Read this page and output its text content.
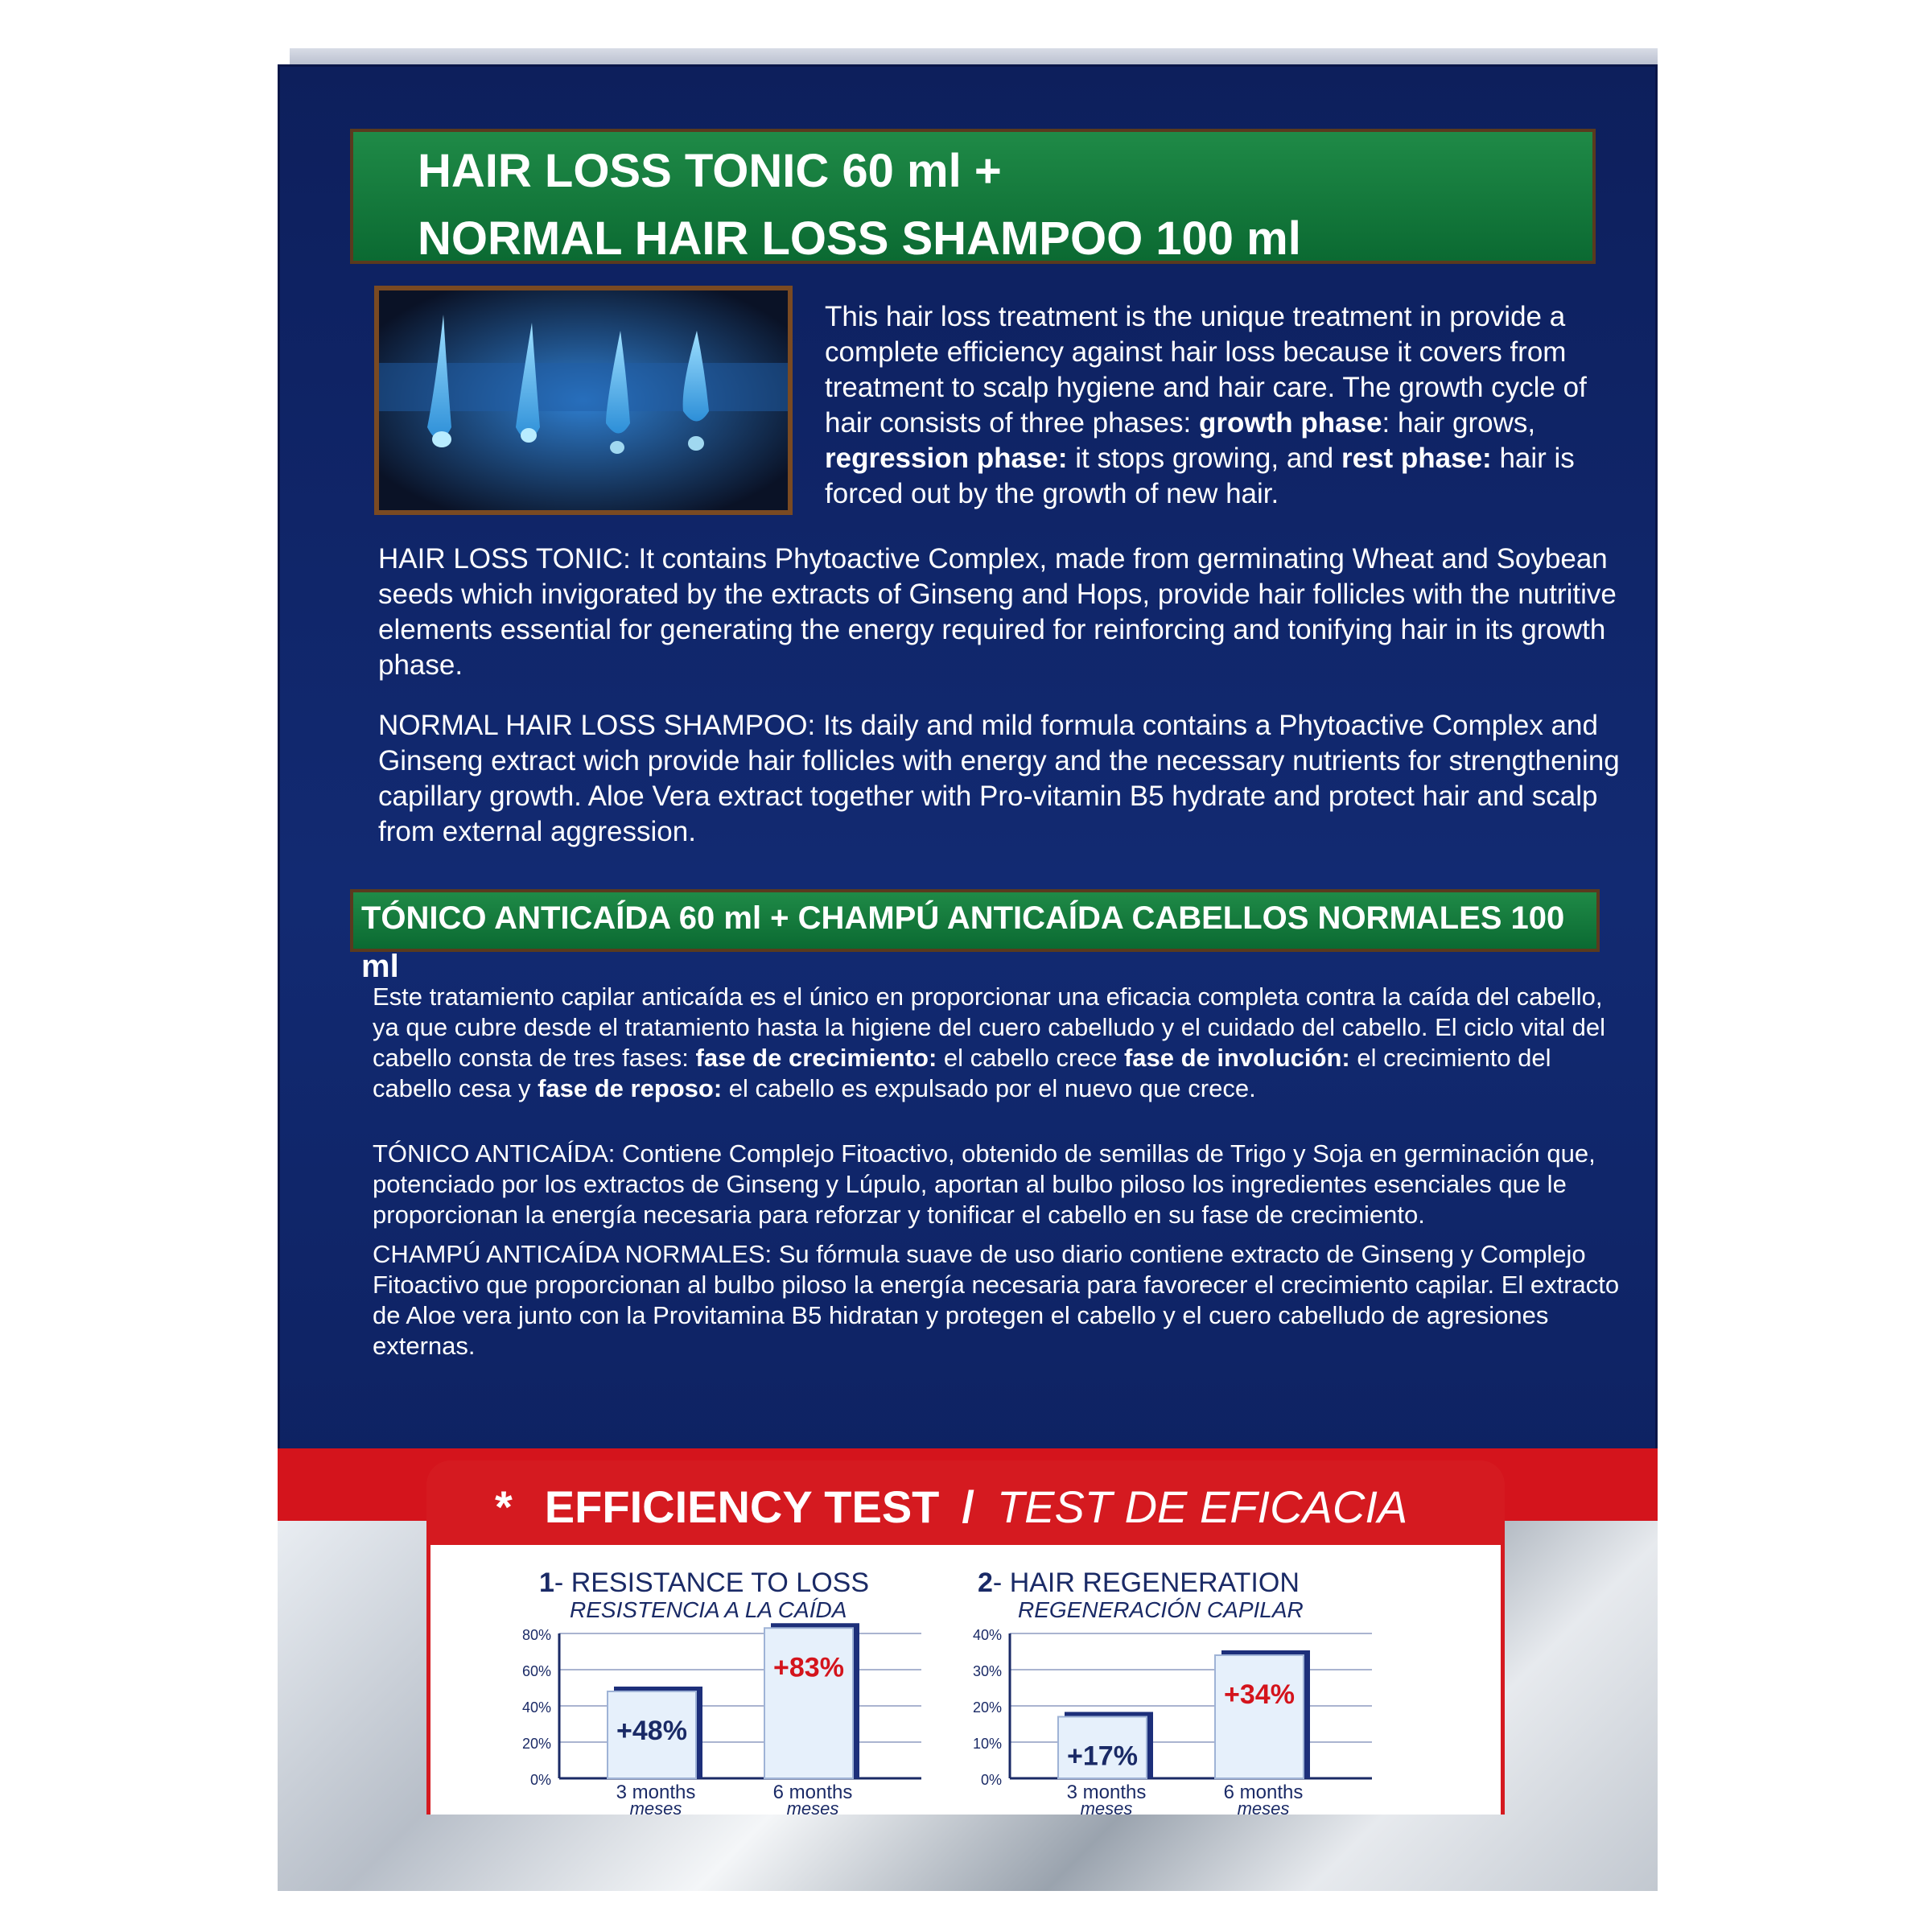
HAIR LOSS TONIC 60 ml +
NORMAL HAIR LOSS SHAMPOO 100 ml
This hair loss treatment is the unique treatment in provide a complete efficiency against hair loss because it covers from treatment to scalp hygiene and hair care. The growth cycle of hair consists of three phases: growth phase: hair grows, regression phase: it stops growing, and rest phase: hair is forced out by the growth of new hair.
HAIR LOSS TONIC: It contains Phytoactive Complex, made from germinating Wheat and Soybean seeds which invigorated by the extracts of Ginseng and Hops, provide hair follicles with the nutritive elements essential for generating the energy required for reinforcing and tonifying hair in its growth phase.
NORMAL HAIR LOSS SHAMPOO: Its daily and mild formula contains a Phytoactive Complex and Ginseng extract wich provide hair follicles with energy and the necessary nutrients for strengthening capillary growth. Aloe Vera extract together with Pro-vitamin B5 hydrate and protect hair and scalp from external aggression.
TÓNICO ANTICAÍDA 60 ml + CHAMPÚ ANTICAÍDA CABELLOS NORMALES 100 ml
Este tratamiento capilar anticaída es el único en proporcionar una eficacia completa contra la caída del cabello, ya que cubre desde el tratamiento hasta la higiene del cuero cabelludo y el cuidado del cabello. El ciclo vital del cabello consta de tres fases: fase de crecimiento: el cabello crece fase de involución: el crecimiento del cabello cesa y fase de reposo: el cabello es expulsado por el nuevo que crece.
TÓNICO ANTICAÍDA: Contiene Complejo Fitoactivo, obtenido de semillas de Trigo y Soja en germinación que, potenciado por los extractos de Ginseng y Lúpulo, aportan al bulbo piloso los ingredientes esenciales que le proporcionan la energía necesaria para reforzar y tonificar el cabello en su fase de crecimiento.
CHAMPÚ ANTICAÍDA NORMALES: Su fórmula suave de uso diario contiene extracto de Ginseng y Complejo Fitoactivo que proporcionan al bulbo piloso la energía necesaria para favorecer el crecimiento capilar. El extracto de Aloe vera junto con la Provitamina B5 hidratan y protegen el cabello y el cuero cabelludo de agresiones externas.
* EFFICIENCY TEST / TEST DE EFICACIA
1- RESISTANCE TO LOSS
RESISTENCIA A LA CAÍDA
2- HAIR REGENERATION
REGENERACIÓN CAPILAR
0%
20%
40%
60%
80%
+48%
3 months
meses
+83%
6 months
meses
0%
10%
20%
30%
40%
+17%
3 months
meses
+34%
6 months
meses
